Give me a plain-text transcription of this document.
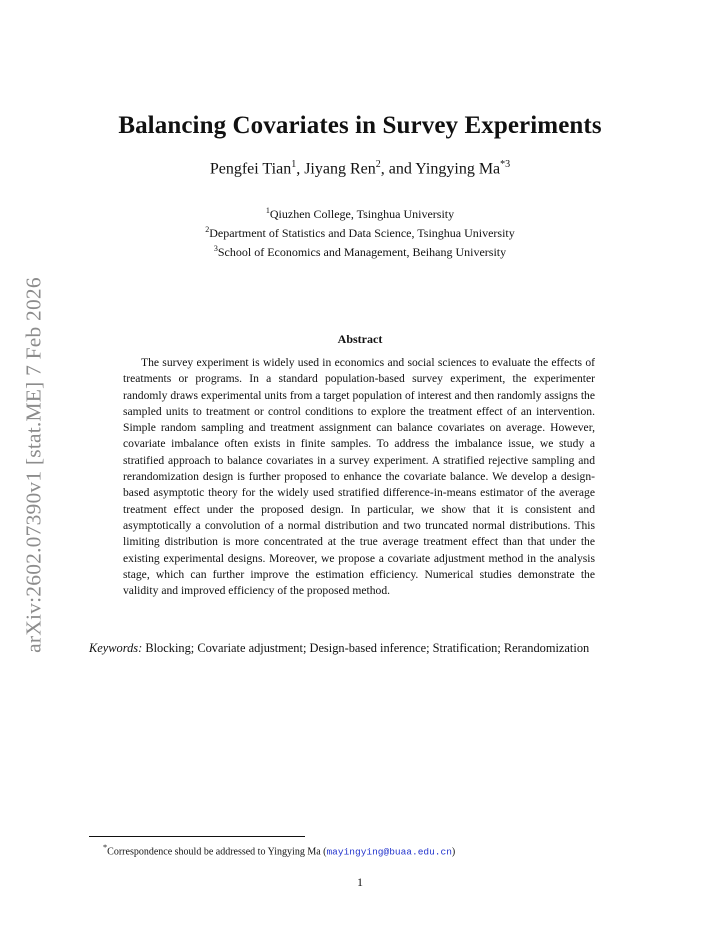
arXiv:2602.07390v1 [stat.ME] 7 Feb 2026
Balancing Covariates in Survey Experiments
Pengfei Tian$^1$, Jiyang Ren$^2$, and Yingying Ma$^{*3}$
$^1$Qiuzhen College, Tsinghua University
$^2$Department of Statistics and Data Science, Tsinghua University
$^3$School of Economics and Management, Beihang University
Abstract
The survey experiment is widely used in economics and social sciences to evaluate the effects of treatments or programs. In a standard population-based survey experiment, the experimenter randomly draws experimental units from a target population of interest and then randomly assigns the sampled units to treatment or control conditions to explore the treatment effect of an intervention. Simple random sampling and treatment assignment can balance covariates on average. However, covariate imbalance often exists in finite samples. To address the imbalance issue, we study a stratified approach to balance covariates in a survey experiment. A stratified rejective sampling and rerandomization design is further proposed to enhance the covariate balance. We develop a design-based asymptotic theory for the widely used stratified difference-in-means estimator of the average treatment effect under the proposed design. In particular, we show that it is consistent and asymptotically a convolution of a normal distribution and two truncated normal distributions. This limiting distribution is more concentrated at the true average treatment effect than that under the existing experimental designs. Moreover, we propose a covariate adjustment method in the analysis stage, which can further improve the estimation efficiency. Numerical studies demonstrate the validity and improved efficiency of the proposed method.
Keywords: Blocking; Covariate adjustment; Design-based inference; Stratification; Rerandomization
*Correspondence should be addressed to Yingying Ma (mayingying@buaa.edu.cn)
1
